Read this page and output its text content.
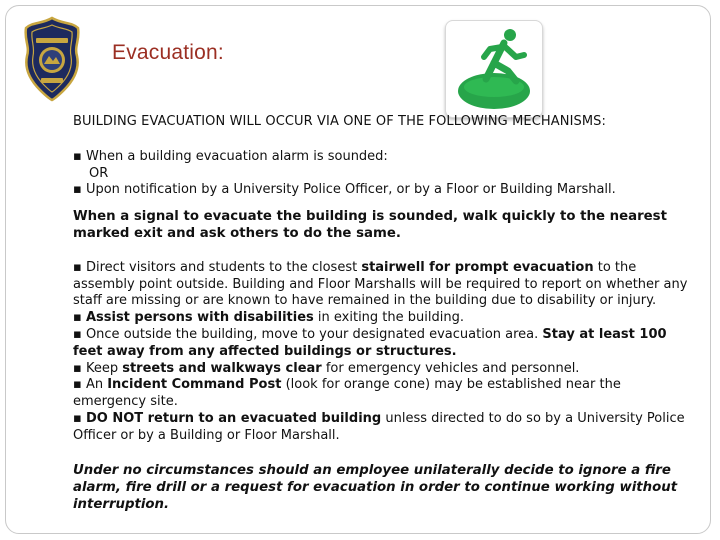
Evacuation:
BUILDING EVACUATION WILL OCCUR VIA ONE OF THE FOLLOWING MECHANISMS:
▪ When a building evacuation alarm is sounded:
OR
▪ Upon notification by a University Police Officer, or by a Floor or Building Marshall.
When a signal to evacuate the building is sounded, walk quickly to the nearest marked exit and ask others to do the same.
▪ Direct visitors and students to the closest stairwell for prompt evacuation to the assembly point outside. Building and Floor Marshalls will be required to report on whether any staff are missing or are known to have remained in the building due to disability or injury.
▪ Assist persons with disabilities in exiting the building.
▪ Once outside the building, move to your designated evacuation area. Stay at least 100 feet away from any affected buildings or structures.
▪ Keep streets and walkways clear for emergency vehicles and personnel.
▪ An Incident Command Post (look for orange cone) may be established near the emergency site.
▪ DO NOT return to an evacuated building unless directed to do so by a University Police Officer or by a Building or Floor Marshall.
Under no circumstances should an employee unilaterally decide to ignore a fire alarm, fire drill or a request for evacuation in order to continue working without interruption.
